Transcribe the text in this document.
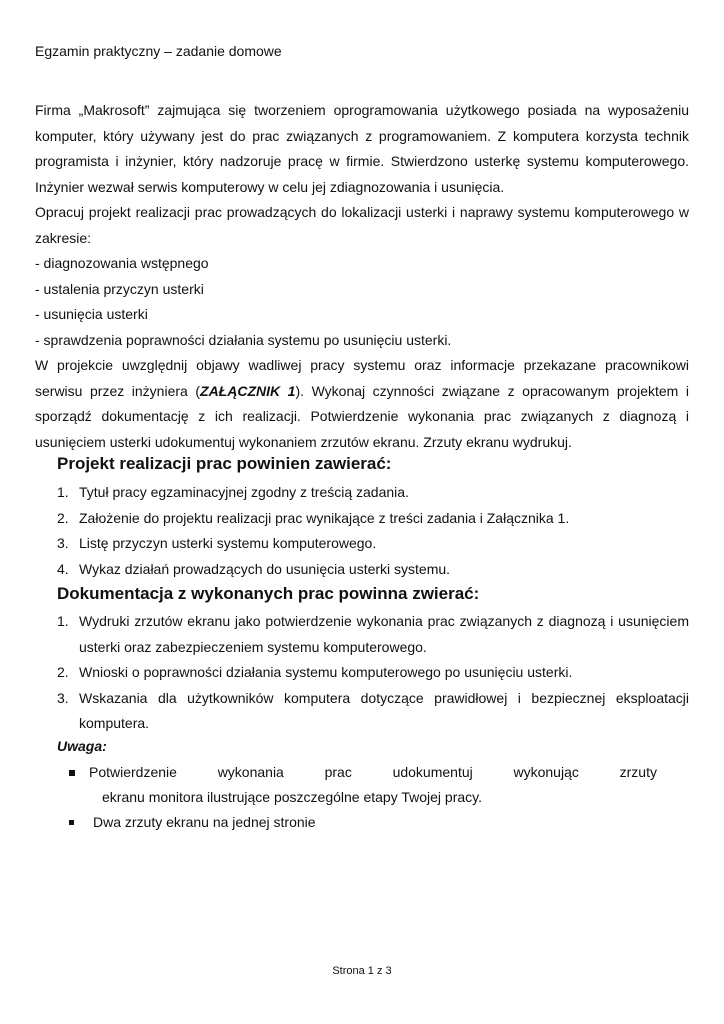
Egzamin praktyczny – zadanie domowe

Firma „Makrosoft” zajmująca się tworzeniem oprogramowania użytkowego posiada na wyposażeniu komputer, który używany jest do prac związanych z programowaniem. Z komputera korzysta technik programista i inżynier, który nadzoruje pracę w firmie. Stwierdzono usterkę systemu komputerowego. Inżynier wezwał serwis komputerowy w celu jej zdiagnozowania i usunięcia.

Opracuj projekt realizacji prac prowadzących do lokalizacji usterki i naprawy systemu komputerowego w zakresie:

- diagnozowania wstępnego

- ustalenia przyczyn usterki

- usunięcia usterki

- sprawdzenia poprawności działania systemu po usunięciu usterki.

W projekcie uwzględnij objawy wadliwej pracy systemu oraz informacje przekazane pracownikowi serwisu przez inżyniera (ZAŁĄCZNIK 1). Wykonaj czynności związane z opracowanym projektem i sporządź dokumentację z ich realizacji. Potwierdzenie wykonania prac związanych z diagnozą i usunięciem usterki udokumentuj wykonaniem zrzutów ekranu. Zrzuty ekranu wydrukuj.

Projekt realizacji prac powinien zawierać:
1. Tytuł pracy egzaminacyjnej zgodny z treścią zadania.
2. Założenie do projektu realizacji prac wynikające z treści zadania i Załącznika 1.
3. Listę przyczyn usterki systemu komputerowego.
4. Wykaz działań prowadzących do usunięcia usterki systemu.
Dokumentacja z wykonanych prac powinna zwierać:
1. Wydruki zrzutów ekranu jako potwierdzenie wykonania prac związanych z diagnozą i usunięciem usterki oraz zabezpieczeniem systemu komputerowego.
2. Wnioski o poprawności działania systemu komputerowego po usunięciu usterki.
3. Wskazania dla użytkowników komputera dotyczące prawidłowej i bezpiecznej eksploatacji komputera.
Uwaga:
Potwierdzenie	wykonania	prac	udokumentuj	wykonując	zrzuty
ekranu monitora ilustrujące poszczególne etapy Twojej pracy.
Dwa zrzuty ekranu na jednej stronie
Strona 1 z 3
